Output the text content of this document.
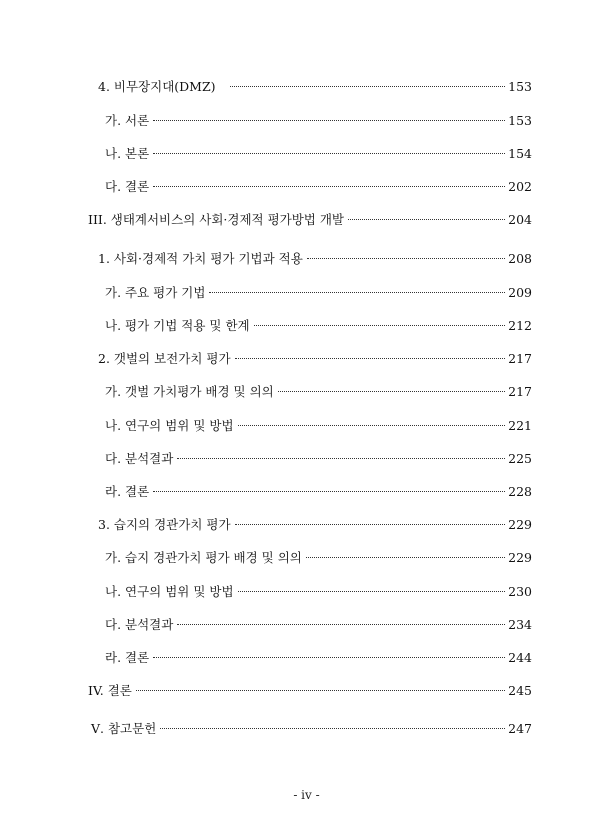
4. 비무장지대(DMZ)	153
가. 서론	153
나. 본론	154
다. 결론	202
III. 생태계서비스의 사회·경제적 평가방법 개발	204
1. 사회·경제적 가치 평가 기법과 적용	208
가. 주요 평가 기법	209
나. 평가 기법 적용 및 한계	212
2. 갯벌의 보전가치 평가	217
가. 갯벌 가치평가 배경 및 의의	217
나. 연구의 범위 및 방법	221
다. 분석결과	225
라. 결론	228
3. 습지의 경관가치 평가	229
가. 습지 경관가치 평가 배경 및 의의	229
나. 연구의 범위 및 방법	230
다. 분석결과	234
라. 결론	244
IV. 결론	245
Ⅴ. 참고문헌	247
- iv -
